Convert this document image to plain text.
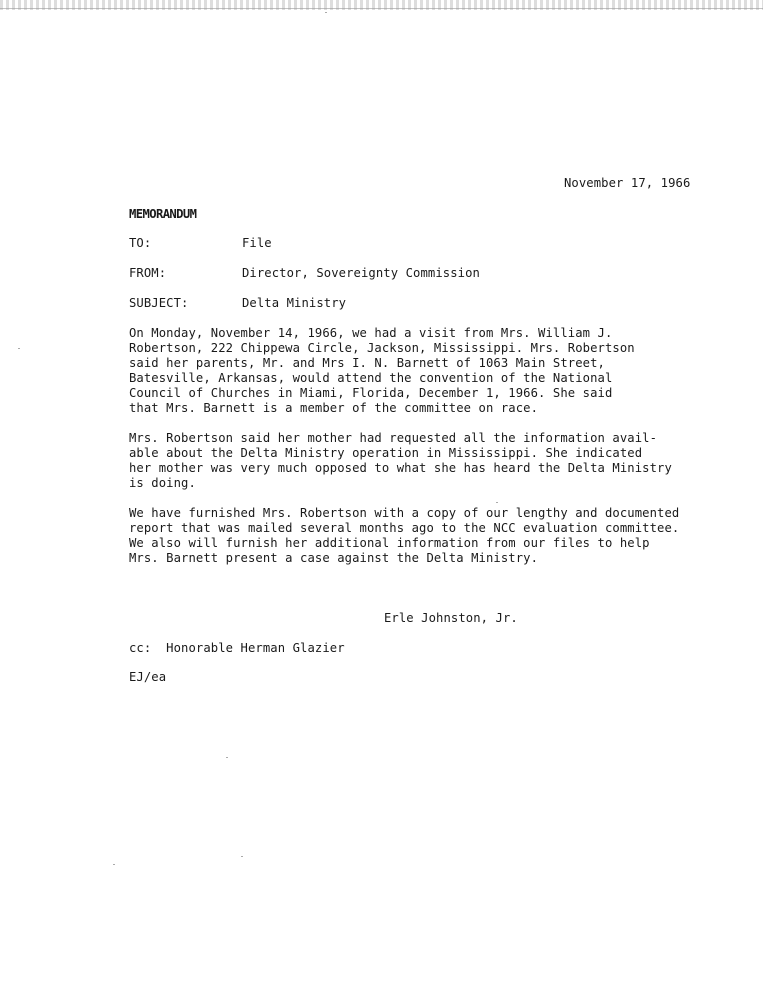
November 17, 1966
MEMORANDUM
TO:	File
FROM:	Director, Sovereignty Commission
SUBJECT:	Delta Ministry
On Monday, November 14, 1966, we had a visit from Mrs. William J.
Robertson, 222 Chippewa Circle, Jackson, Mississippi. Mrs. Robertson
said her parents, Mr. and Mrs I. N. Barnett of 1063 Main Street,
Batesville, Arkansas, would attend the convention of the National
Council of Churches in Miami, Florida, December 1, 1966. She said
that Mrs. Barnett is a member of the committee on race.
Mrs. Robertson said her mother had requested all the information avail-
able about the Delta Ministry operation in Mississippi. She indicated
her mother was very much opposed to what she has heard the Delta Ministry
is doing.
We have furnished Mrs. Robertson with a copy of our lengthy and documented
report that was mailed several months ago to the NCC evaluation committee.
We also will furnish her additional information from our files to help
Mrs. Barnett present a case against the Delta Ministry.
Erle Johnston, Jr.
cc:  Honorable Herman Glazier
EJ/ea
